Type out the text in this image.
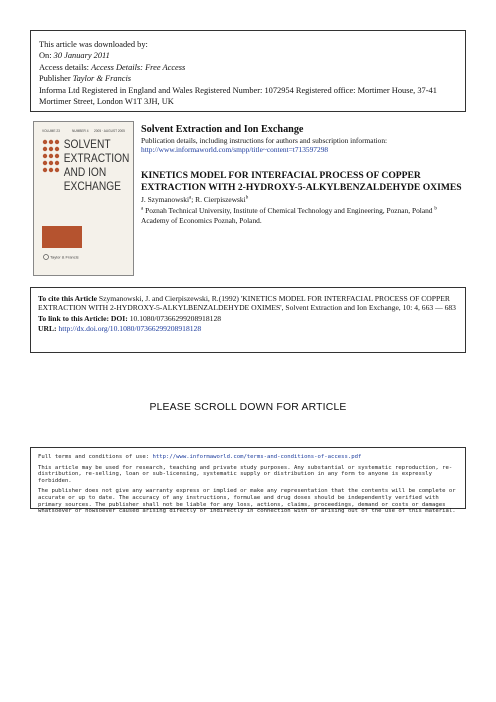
This article was downloaded by:
On: 30 January 2011
Access details: Access Details: Free Access
Publisher Taylor & Francis
Informa Ltd Registered in England and Wales Registered Number: 1072954 Registered office: Mortimer House, 37-41 Mortimer Street, London W1T 3JH, UK
VOLUME 23	NUMBER 4 2005 · AUGUST 2005
SOLVENT
EXTRACTION
AND ION
EXCHANGE
Taylor & Francis
Solvent Extraction and Ion Exchange
Publication details, including instructions for authors and subscription information:
http://www.informaworld.com/smpp/title~content=t713597298
KINETICS MODEL FOR INTERFACIAL PROCESS OF COPPER EXTRACTION WITH 2-HYDROXY-5-ALKYLBENZALDEHYDE OXIMES
J. Szymanowski$^a$; R. Cierpiszewski$^b$
$^a$ Poznah Technical University, Institute of Chemical Technology and Engineering, Poznan, Poland $^b$ Academy of Economics Poznah, Poland.
To cite this Article Szymanowski, J. and Cierpiszewski, R.(1992) 'KINETICS MODEL FOR INTERFACIAL PROCESS OF COPPER EXTRACTION WITH 2-HYDROXY-5-ALKYLBENZALDEHYDE OXIMES', Solvent Extraction and Ion Exchange, 10: 4, 663 — 683
To link to this Article: DOI: 10.1080/07366299208918128
URL: http://dx.doi.org/10.1080/07366299208918128
PLEASE SCROLL DOWN FOR ARTICLE

Full terms and conditions of use: http://www.informaworld.com/terms-and-conditions-of-access.pdf

This article may be used for research, teaching and private study purposes. Any substantial or systematic reproduction, re-distribution, re-selling, loan or sub-licensing, systematic supply or distribution in any form to anyone is expressly forbidden.

The publisher does not give any warranty express or implied or make any representation that the contents will be complete or accurate or up to date. The accuracy of any instructions, formulae and drug doses should be independently verified with primary sources. The publisher shall not be liable for any loss, actions, claims, proceedings, demand or costs or damages whatsoever or howsoever caused arising directly or indirectly in connection with or arising out of the use of this material.
